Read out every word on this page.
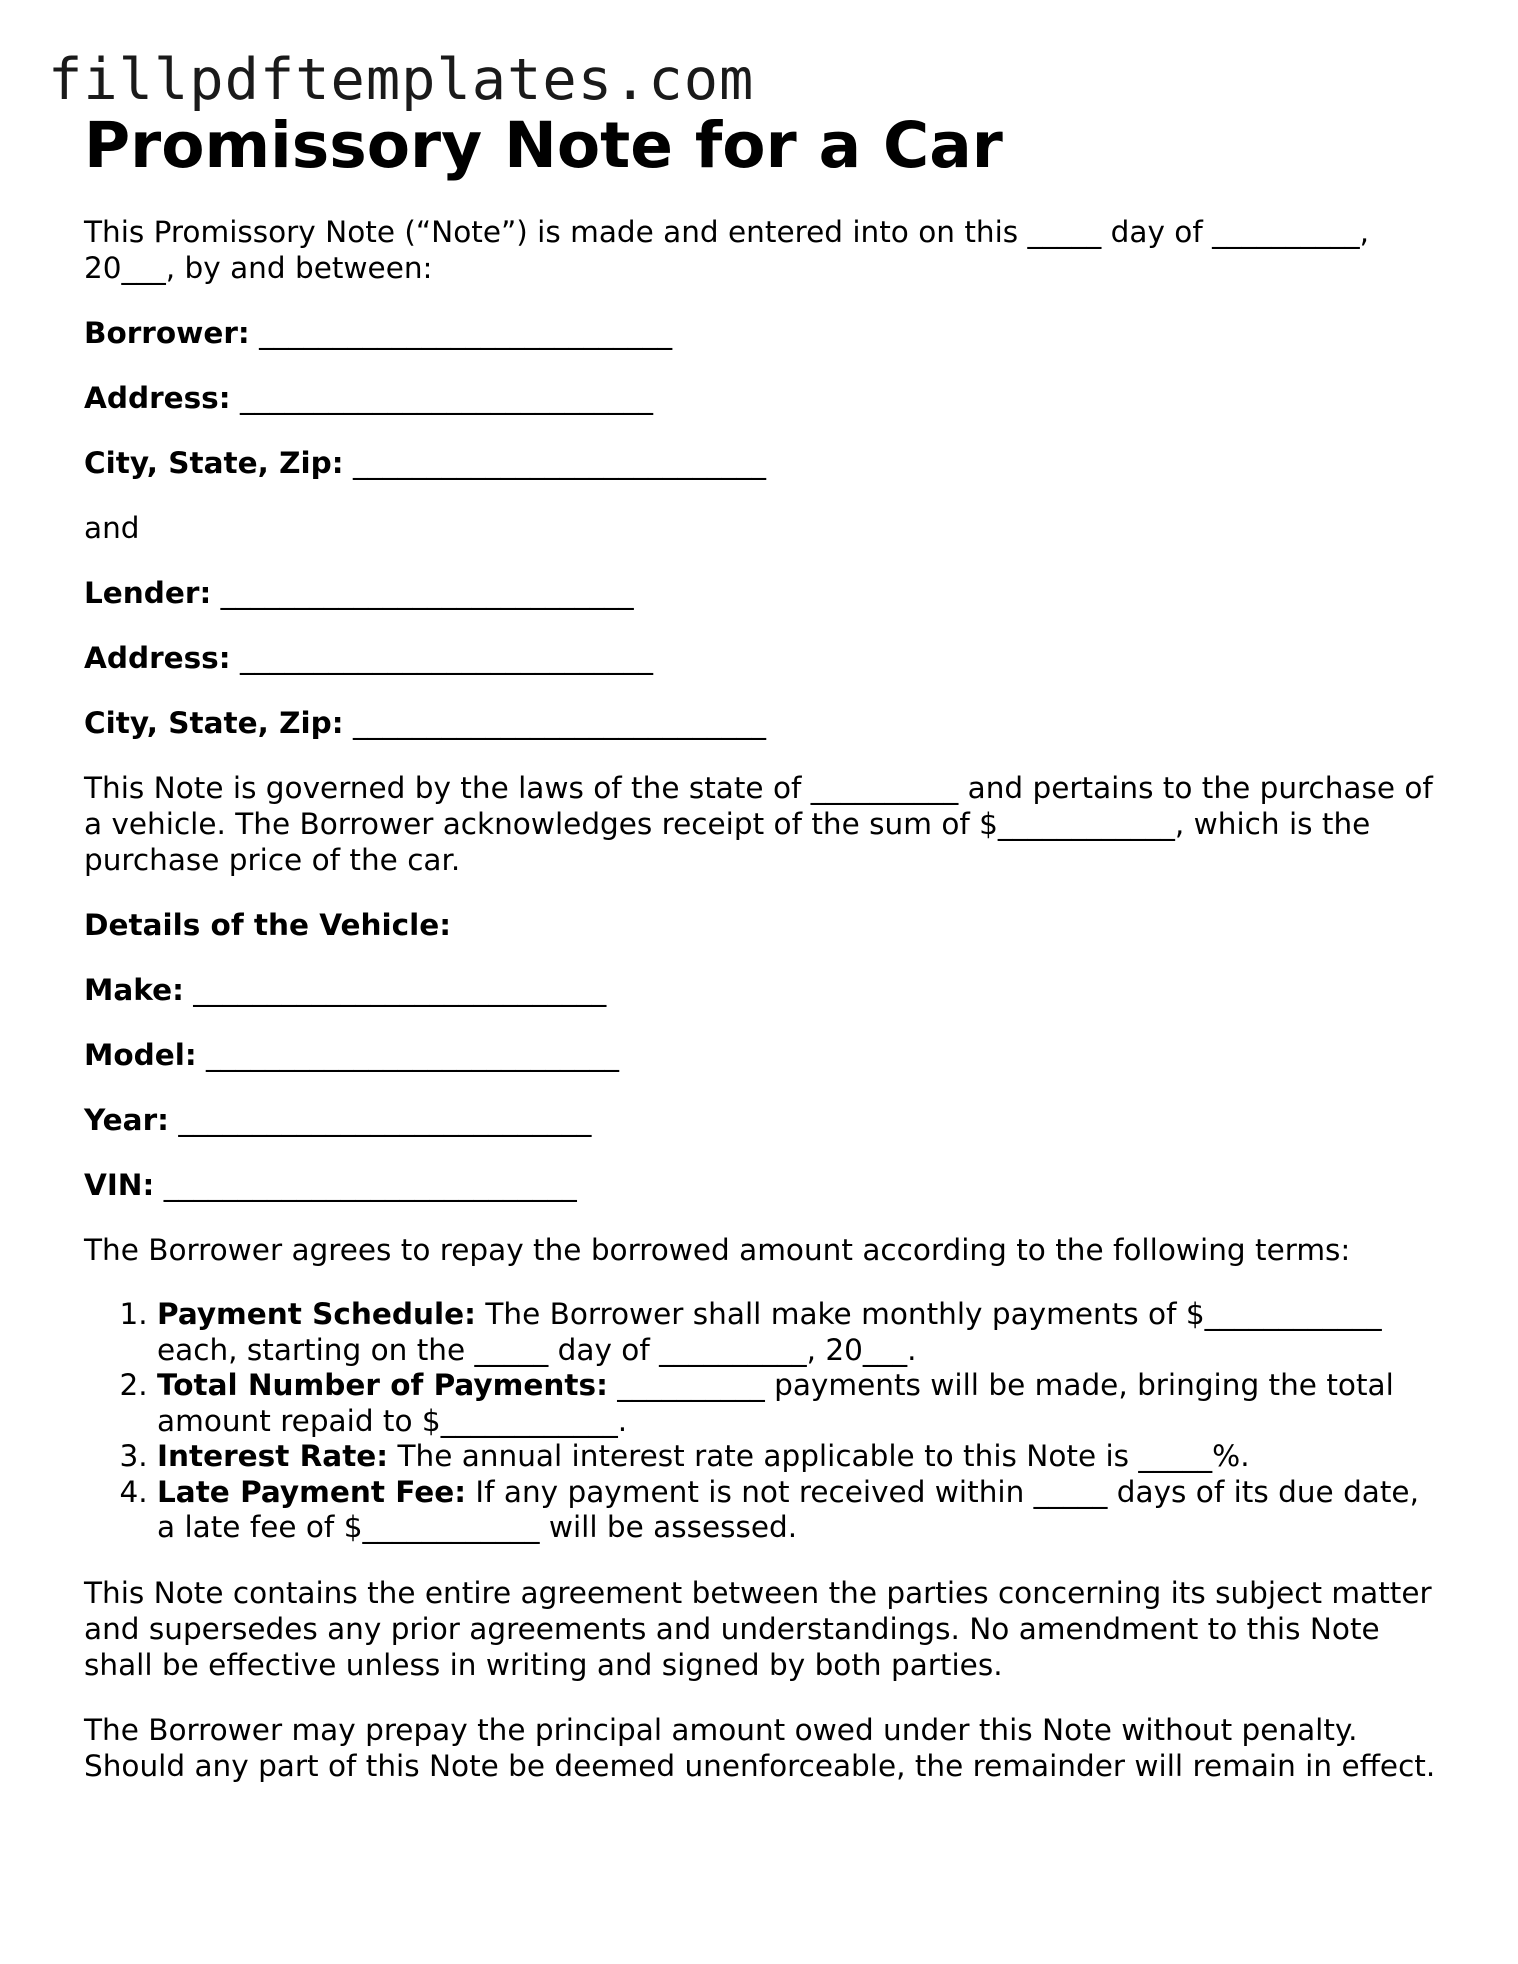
fillpdftemplates.com
Promissory Note for a Car

This Promissory Note (“Note”) is made and entered into on this _____ day of __________, 20___, by and between:

Borrower: ____________________________
Address: ____________________________
City, State, Zip: ____________________________

and

Lender: ____________________________
Address: ____________________________
City, State, Zip: ____________________________

This Note is governed by the laws of the state of __________ and pertains to the purchase of a vehicle. The Borrower acknowledges receipt of the sum of $____________, which is the purchase price of the car.

Details of the Vehicle:
Make: ____________________________
Model: ____________________________
Year: ____________________________
VIN: ____________________________

The Borrower agrees to repay the borrowed amount according to the following terms:

1. Payment Schedule: The Borrower shall make monthly payments of $____________ each, starting on the _____ day of __________, 20___.
2. Total Number of Payments: __________ payments will be made, bringing the total amount repaid to $____________.
3. Interest Rate: The annual interest rate applicable to this Note is _____%.
4. Late Payment Fee: If any payment is not received within _____ days of its due date, a late fee of $____________ will be assessed.

This Note contains the entire agreement between the parties concerning its subject matter and supersedes any prior agreements and understandings. No amendment to this Note shall be effective unless in writing and signed by both parties.

The Borrower may prepay the principal amount owed under this Note without penalty. Should any part of this Note be deemed unenforceable, the remainder will remain in effect.
